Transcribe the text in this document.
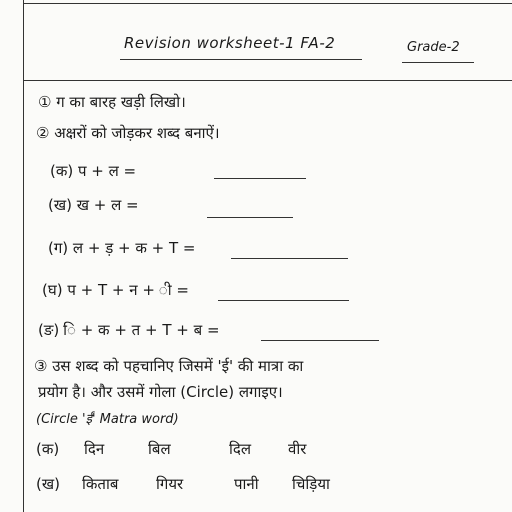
Revision worksheet-1 FA-2	Grade-2
① ग का बारह खड़ी लिखो।
② अक्षरों को जोड़कर शब्द बनाऐं।
(क) प + ल =
(ख) ख + ल =
(ग) ल + ड़ + क + T =
(घ) प + T + न + ी =
(ङ) ि + क + त + T + ब =
③ उस शब्द को पहचानिए जिसमें 'ई' की मात्रा का
प्रयोग है। और उसमें गोला (Circle) लगाइए।
(Circle 'ई' Matra word)
(क) दिन	बिल	दिल वीर
(ख) किताब	गियर	पानी चिड़िया
